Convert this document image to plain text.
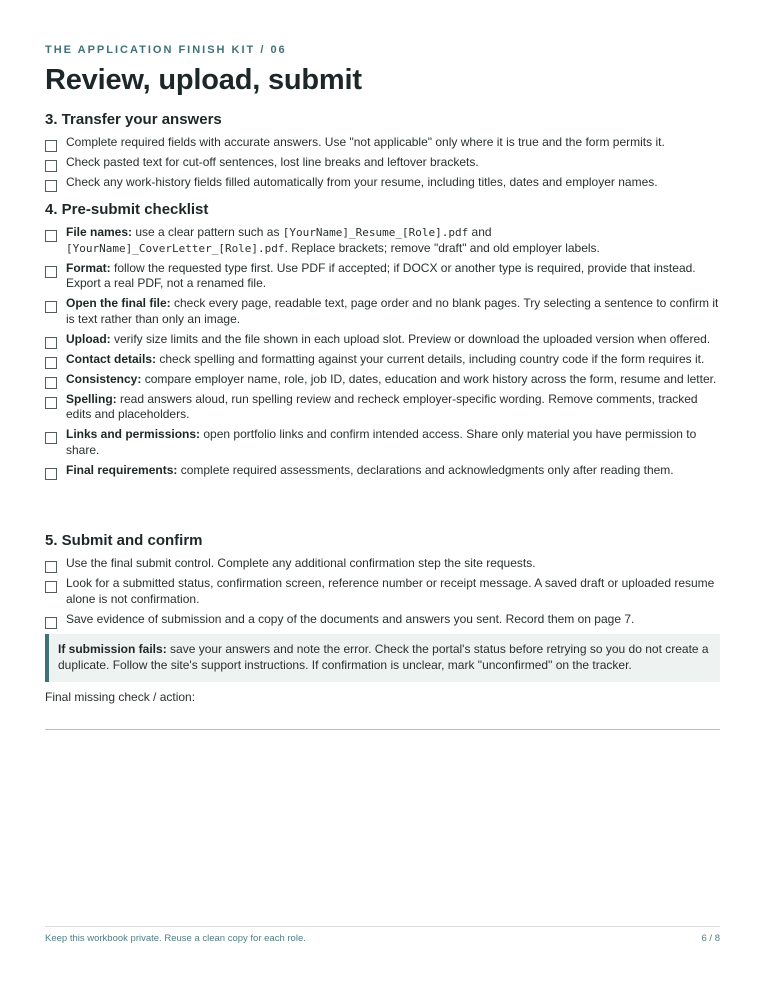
THE APPLICATION FINISH KIT / 06
Review, upload, submit
3. Transfer your answers
Complete required fields with accurate answers. Use "not applicable" only where it is true and the form permits it.
Check pasted text for cut-off sentences, lost line breaks and leftover brackets.
Check any work-history fields filled automatically from your resume, including titles, dates and employer names.
4. Pre-submit checklist
File names: use a clear pattern such as [YourName]_Resume_[Role].pdf and
[YourName]_CoverLetter_[Role].pdf. Replace brackets; remove "draft" and old employer labels.
Format: follow the requested type first. Use PDF if accepted; if DOCX or another type is required, provide that instead. Export a real PDF, not a renamed file.
Open the final file: check every page, readable text, page order and no blank pages. Try selecting a sentence to confirm it is text rather than only an image.
Upload: verify size limits and the file shown in each upload slot. Preview or download the uploaded version when offered.
Contact details: check spelling and formatting against your current details, including country code if the form requires it.
Consistency: compare employer name, role, job ID, dates, education and work history across the form, resume and letter.
Spelling: read answers aloud, run spelling review and recheck employer-specific wording. Remove comments, tracked edits and placeholders.
Links and permissions: open portfolio links and confirm intended access. Share only material you have permission to share.
Final requirements: complete required assessments, declarations and acknowledgments only after reading them.
5. Submit and confirm
Use the final submit control. Complete any additional confirmation step the site requests.
Look for a submitted status, confirmation screen, reference number or receipt message. A saved draft or uploaded resume alone is not confirmation.
Save evidence of submission and a copy of the documents and answers you sent. Record them on page 7.
If submission fails: save your answers and note the error. Check the portal's status before retrying so you do not create a duplicate. Follow the site's support instructions. If confirmation is unclear, mark "unconfirmed" on the tracker.
Final missing check / action:
Keep this workbook private. Reuse a clean copy for each role.	6 / 8
